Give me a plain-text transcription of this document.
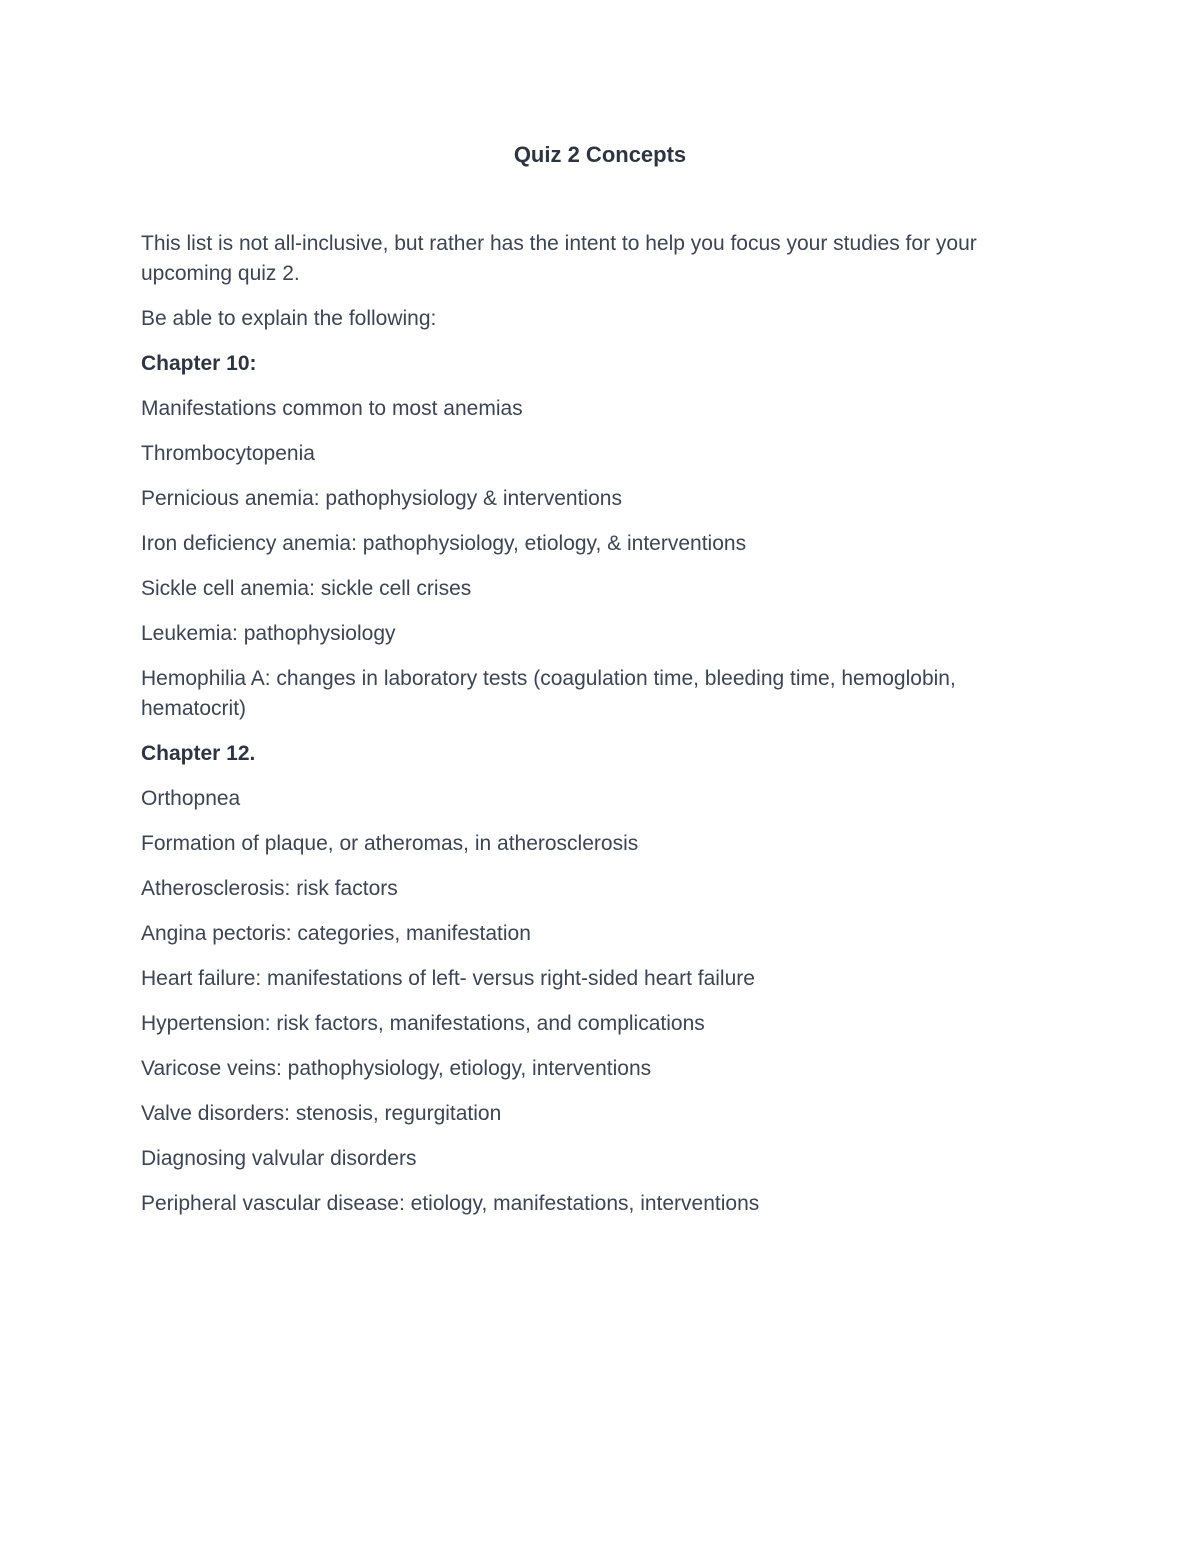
Quiz 2 Concepts

This list is not all-inclusive, but rather has the intent to help you focus your studies for your upcoming quiz 2.

Be able to explain the following:

Chapter 10:

Manifestations common to most anemias
Thrombocytopenia
Pernicious anemia: pathophysiology & interventions
Iron deficiency anemia: pathophysiology, etiology, & interventions
Sickle cell anemia: sickle cell crises
Leukemia: pathophysiology
Hemophilia A: changes in laboratory tests (coagulation time, bleeding time, hemoglobin, hematocrit)

Chapter 12.

Orthopnea
Formation of plaque, or atheromas, in atherosclerosis
Atherosclerosis: risk factors
Angina pectoris: categories, manifestation
Heart failure: manifestations of left- versus right-sided heart failure
Hypertension: risk factors, manifestations, and complications
Varicose veins: pathophysiology, etiology, interventions
Valve disorders: stenosis, regurgitation
Diagnosing valvular disorders
Peripheral vascular disease: etiology, manifestations, interventions
